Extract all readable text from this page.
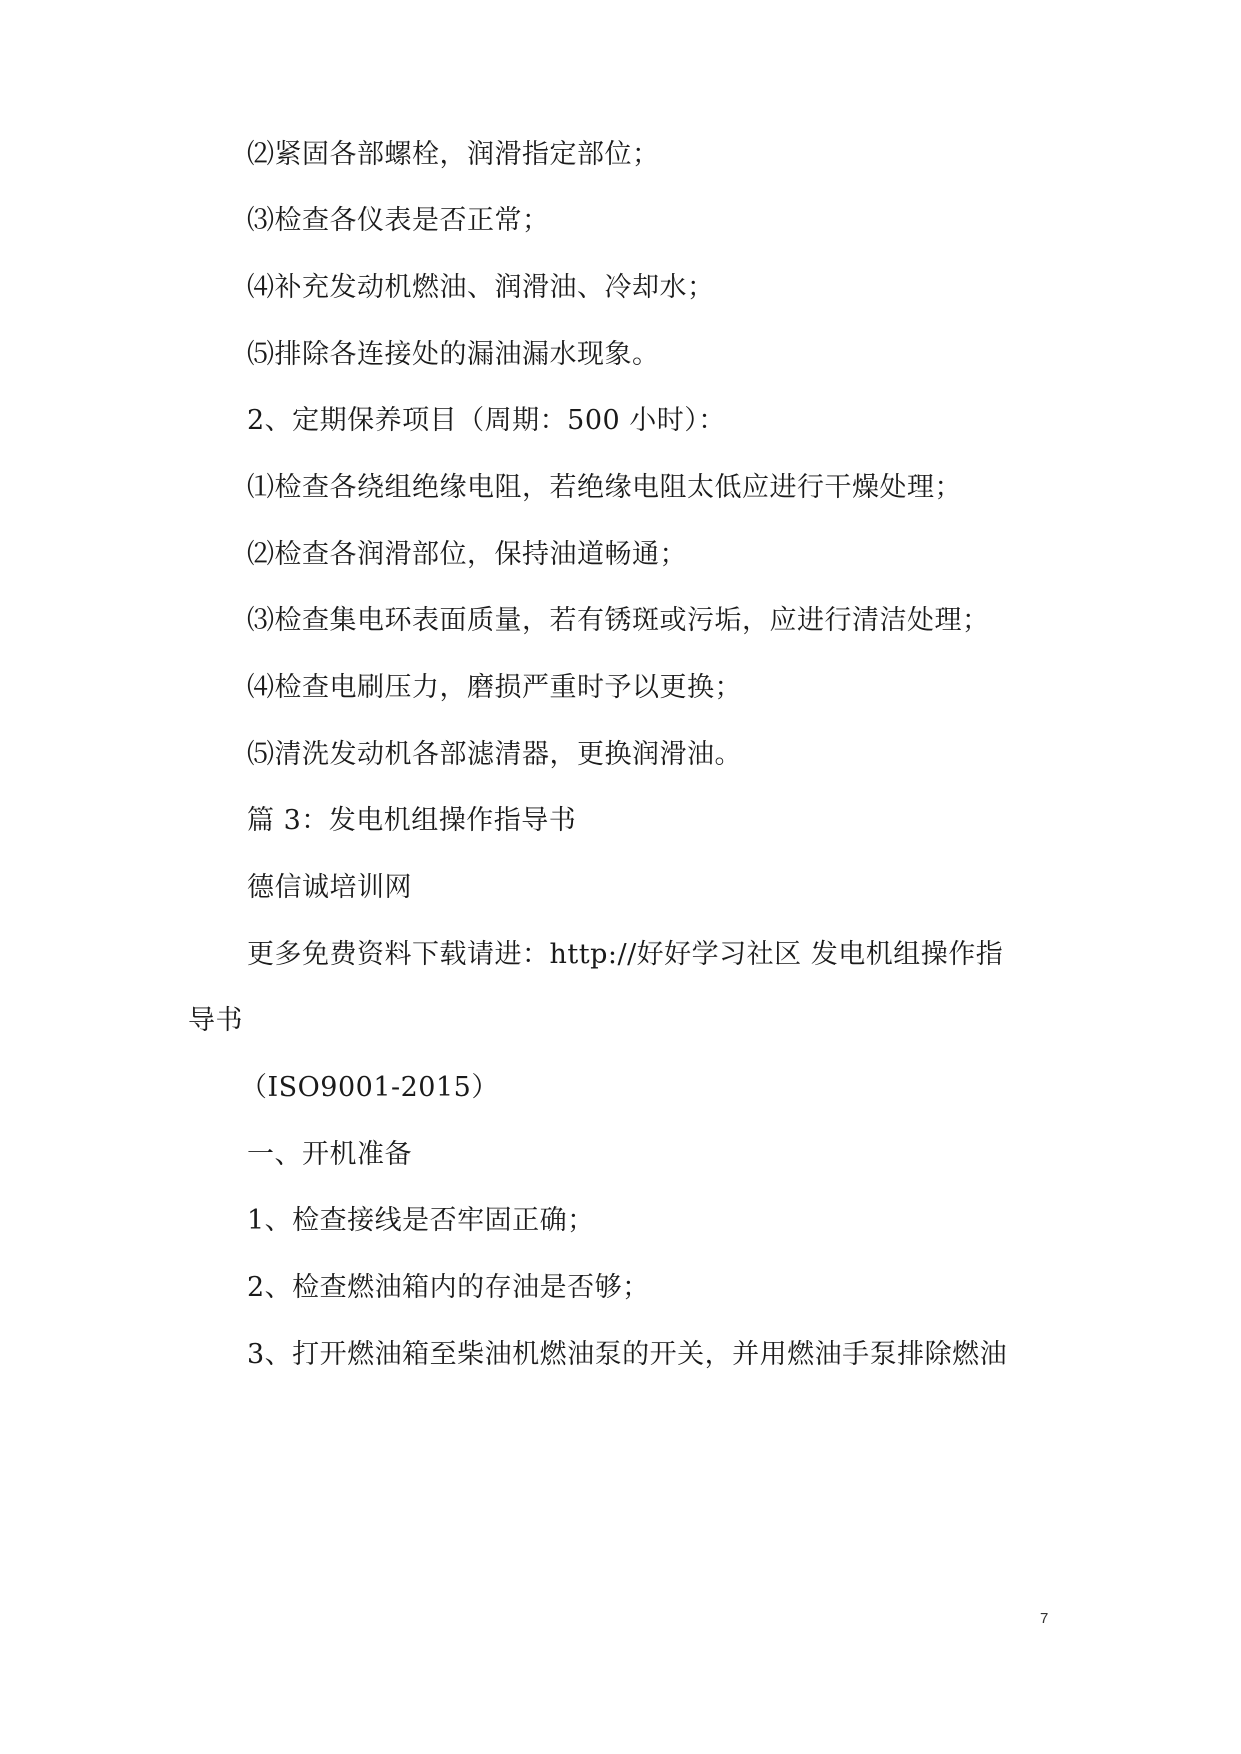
⑵紧固各部螺栓，润滑指定部位；
⑶检查各仪表是否正常；
⑷补充发动机燃油、润滑油、冷却水；
⑸排除各连接处的漏油漏水现象。
2、定期保养项目（周期：500 小时）：
⑴检查各绕组绝缘电阻，若绝缘电阻太低应进行干燥处理；
⑵检查各润滑部位，保持油道畅通；
⑶检查集电环表面质量，若有锈斑或污垢，应进行清洁处理；
⑷检查电刷压力，磨损严重时予以更换；
⑸清洗发动机各部滤清器，更换润滑油。
篇 3：发电机组操作指导书
德信诚培训网
更多免费资料下载请进：http://好好学习社区 发电机组操作指
导书
（ISO9001-2015）
一、开机准备
1、检查接线是否牢固正确；
2、检查燃油箱内的存油是否够；
3、打开燃油箱至柴油机燃油泵的开关，并用燃油手泵排除燃油
7
